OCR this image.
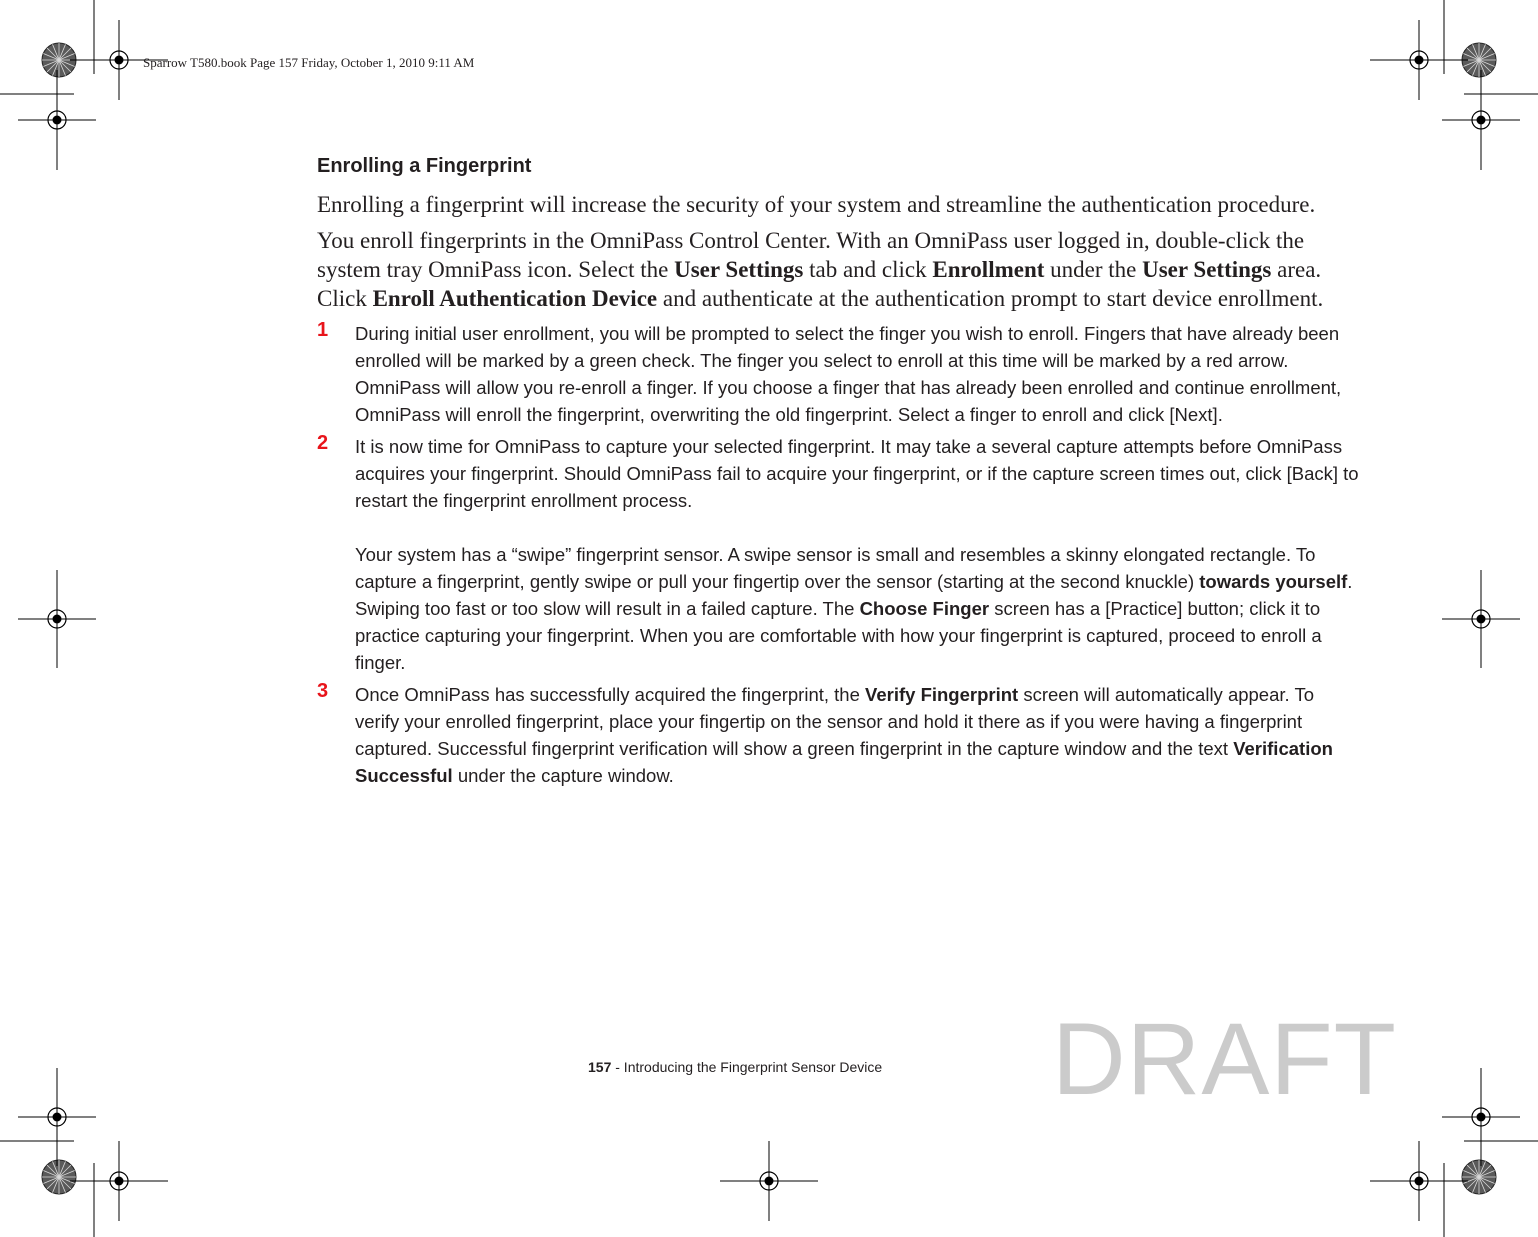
Sparrow T580.book Page 157 Friday, October 1, 2010 9:11 AM
Enrolling a Fingerprint

Enrolling a fingerprint will increase the security of your system and streamline the authentication procedure.

You enroll fingerprints in the OmniPass Control Center. With an OmniPass user logged in, double-click the system tray OmniPass icon. Select the User Settings tab and click Enrollment under the User Settings area. Click Enroll Authentication Device and authenticate at the authentication prompt to start device enrollment.

1 During initial user enrollment, you will be prompted to select the finger you wish to enroll. Fingers that have already been enrolled will be marked by a green check. The finger you select to enroll at this time will be marked by a red arrow. OmniPass will allow you re-enroll a finger. If you choose a finger that has already been enrolled and continue enrollment, OmniPass will enroll the fingerprint, overwriting the old fingerprint. Select a finger to enroll and click [Next].

2 It is now time for OmniPass to capture your selected fingerprint. It may take a several capture attempts before OmniPass acquires your fingerprint. Should OmniPass fail to acquire your fingerprint, or if the capture screen times out, click [Back] to restart the fingerprint enrollment process.

Your system has a “swipe” fingerprint sensor. A swipe sensor is small and resembles a skinny elongated rectangle. To capture a fingerprint, gently swipe or pull your fingertip over the sensor (starting at the second knuckle) towards yourself. Swiping too fast or too slow will result in a failed capture. The Choose Finger screen has a [Practice] button; click it to practice capturing your fingerprint. When you are comfortable with how your fingerprint is captured, proceed to enroll a finger.

3 Once OmniPass has successfully acquired the fingerprint, the Verify Fingerprint screen will automatically appear. To verify your enrolled fingerprint, place your fingertip on the sensor and hold it there as if you were having a fingerprint captured. Successful fingerprint verification will show a green fingerprint in the capture window and the text Verification Successful under the capture window.

157 - Introducing the Fingerprint Sensor Device DRAFT
